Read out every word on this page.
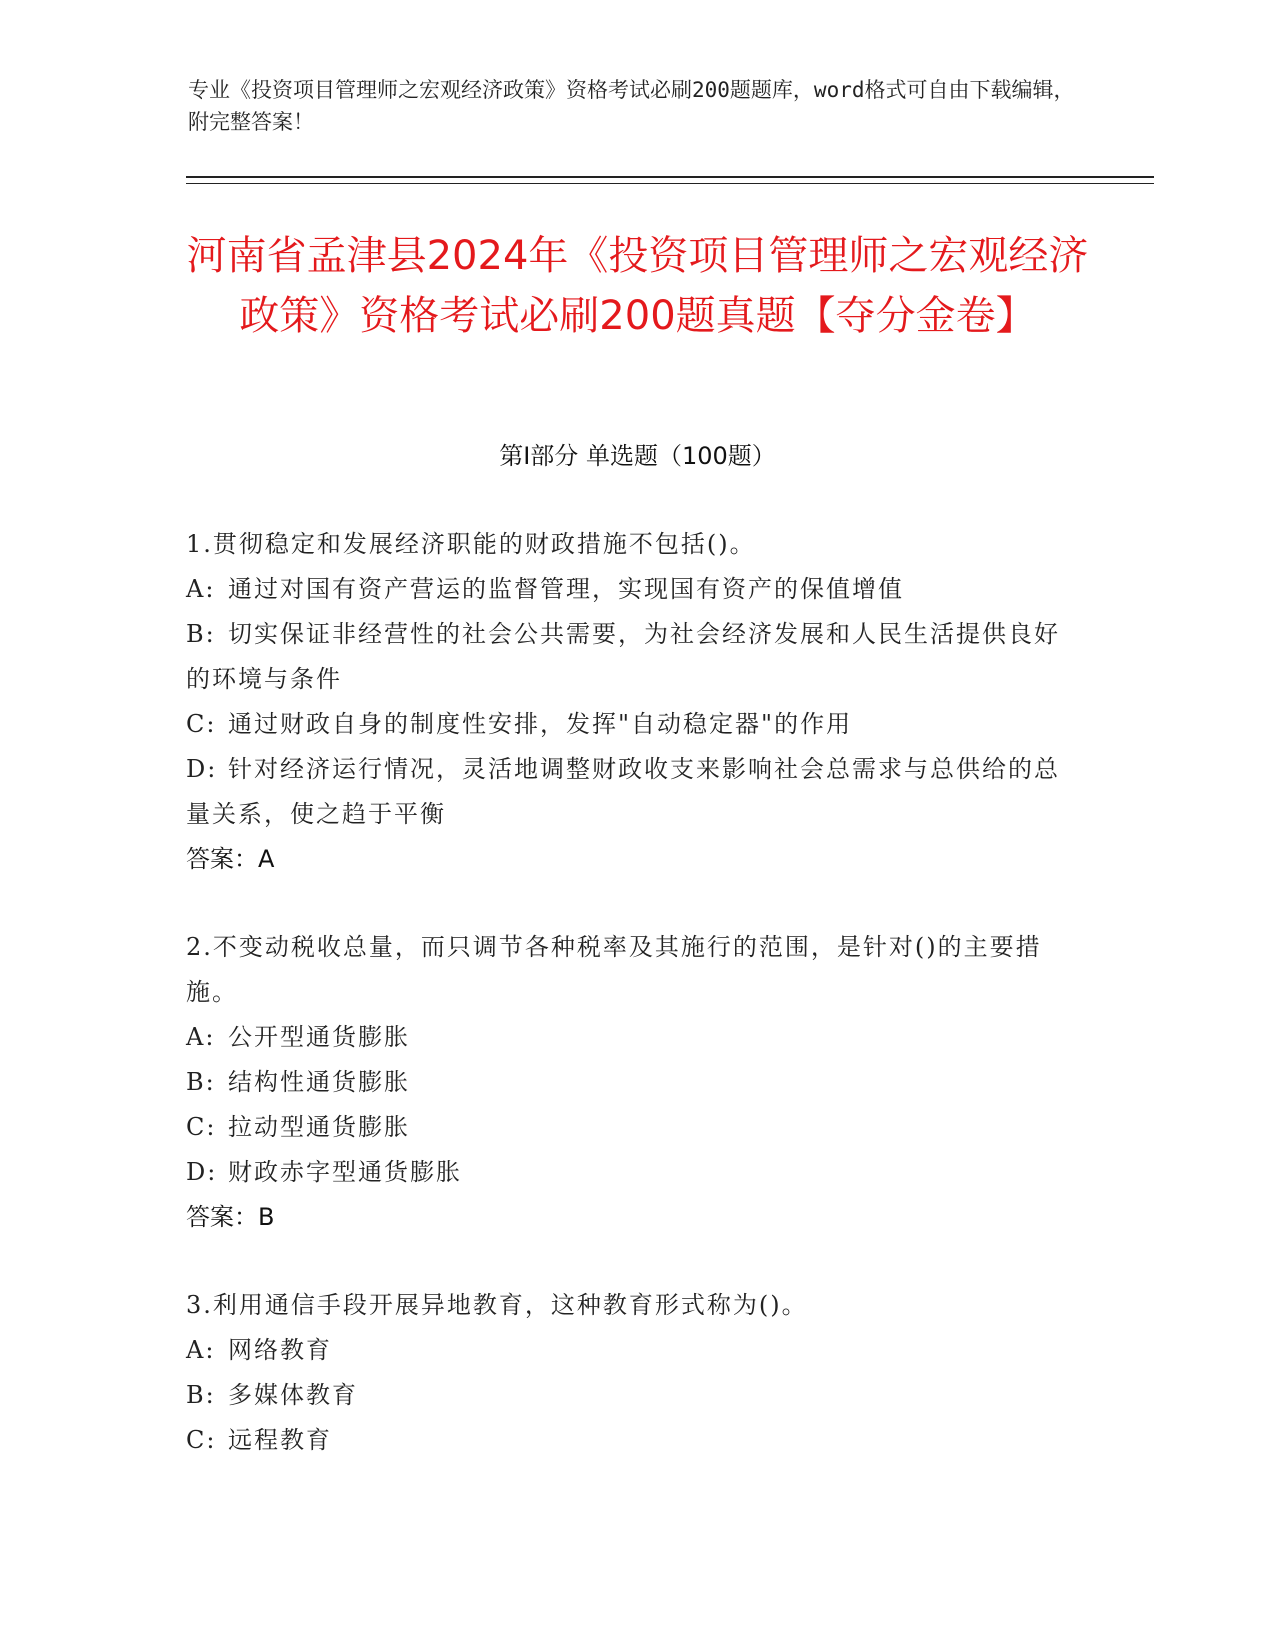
专业《投资项目管理师之宏观经济政策》资格考试必刷200题题库，word格式可自由下载编辑，附完整答案！
河南省孟津县2024年《投资项目管理师之宏观经济政策》资格考试必刷200题真题【夺分金卷】
第Ⅰ部分 单选题（100题）
1.贯彻稳定和发展经济职能的财政措施不包括()。
A: 通过对国有资产营运的监督管理，实现国有资产的保值增值
B: 切实保证非经营性的社会公共需要，为社会经济发展和人民生活提供良好的环境与条件
C: 通过财政自身的制度性安排，发挥"自动稳定器"的作用
D: 针对经济运行情况，灵活地调整财政收支来影响社会总需求与总供给的总量关系，使之趋于平衡
答案：A
2.不变动税收总量，而只调节各种税率及其施行的范围，是针对()的主要措施。
A: 公开型通货膨胀
B: 结构性通货膨胀
C: 拉动型通货膨胀
D: 财政赤字型通货膨胀
答案：B
3.利用通信手段开展异地教育，这种教育形式称为()。
A: 网络教育
B: 多媒体教育
C: 远程教育
